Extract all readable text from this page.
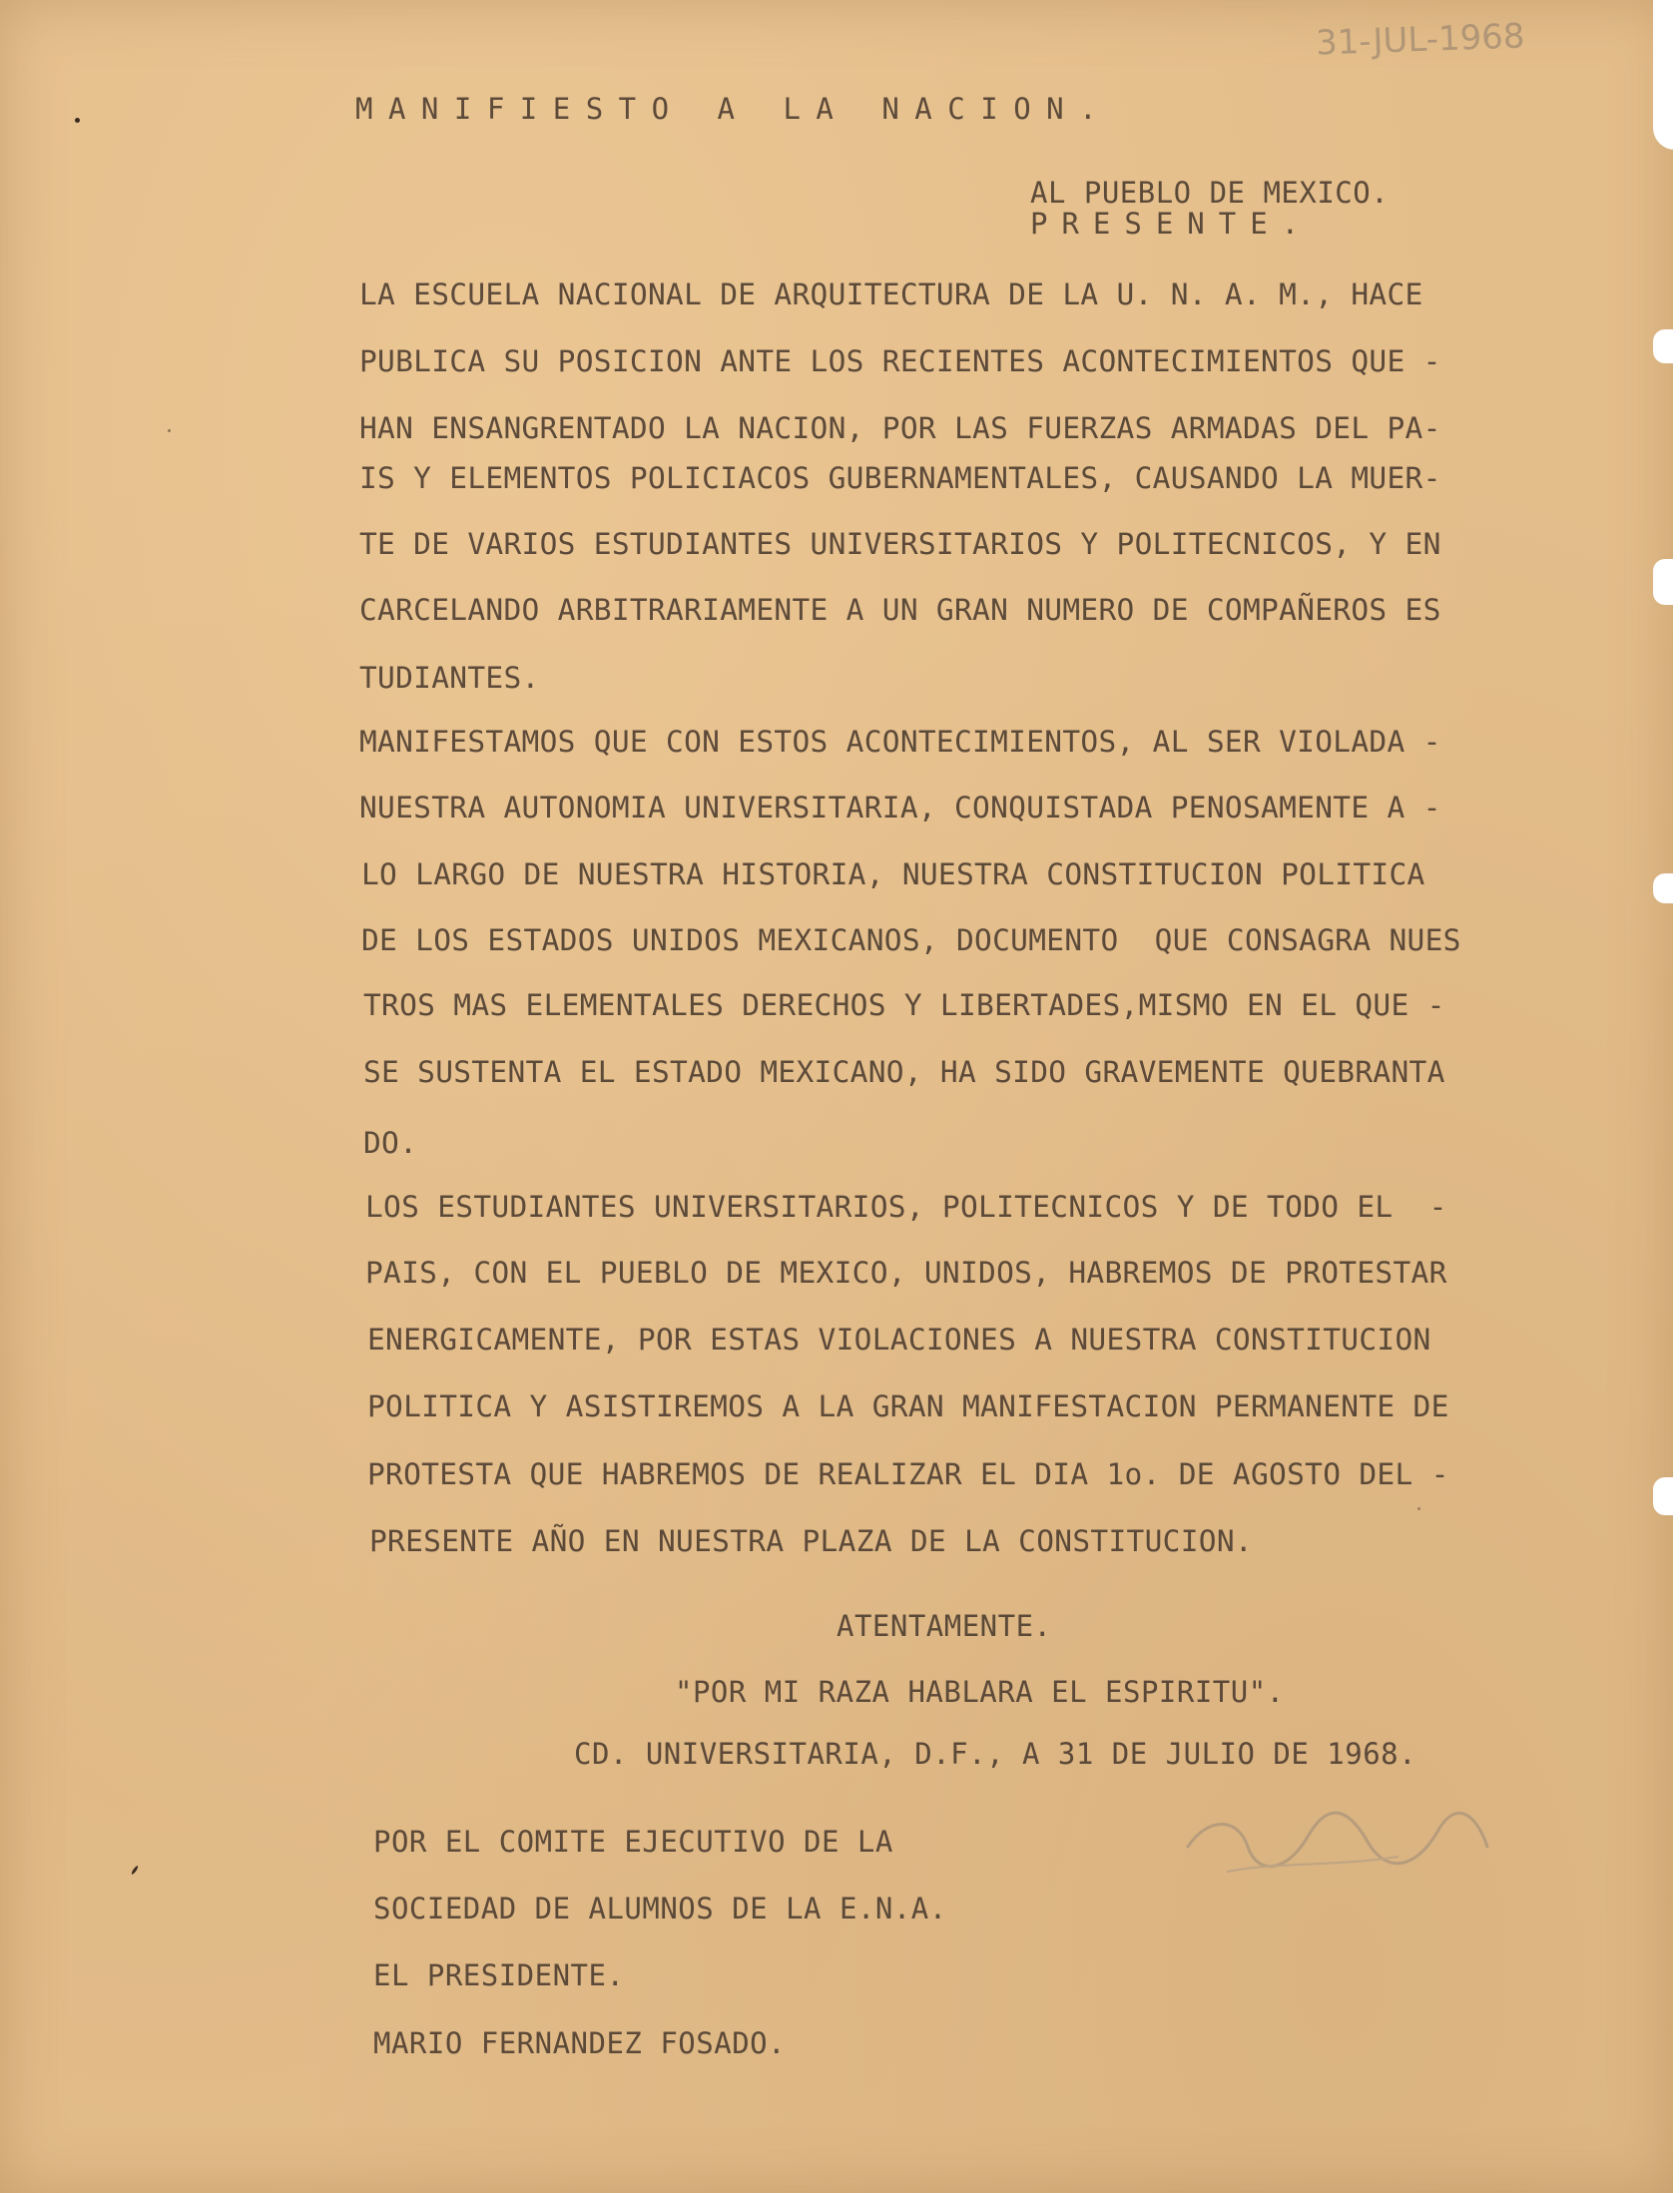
31-JUL-1968

MANIFIESTO A LA NACION.

AL PUEBLO DE MEXICO.

PRESENTE.

LA ESCUELA NACIONAL DE ARQUITECTURA DE LA U. N. A. M., HACE

PUBLICA SU POSICION ANTE LOS RECIENTES ACONTECIMIENTOS QUE -

HAN ENSANGRENTADO LA NACION, POR LAS FUERZAS ARMADAS DEL PA-

IS Y ELEMENTOS POLICIACOS GUBERNAMENTALES, CAUSANDO LA MUER-

TE DE VARIOS ESTUDIANTES UNIVERSITARIOS Y POLITECNICOS, Y EN

CARCELANDO ARBITRARIAMENTE A UN GRAN NUMERO DE COMPAÑEROS ES

TUDIANTES.

MANIFESTAMOS QUE CON ESTOS ACONTECIMIENTOS, AL SER VIOLADA -

NUESTRA AUTONOMIA UNIVERSITARIA, CONQUISTADA PENOSAMENTE A -

LO LARGO DE NUESTRA HISTORIA, NUESTRA CONSTITUCION POLITICA

DE LOS ESTADOS UNIDOS MEXICANOS, DOCUMENTO  QUE CONSAGRA NUES

TROS MAS ELEMENTALES DERECHOS Y LIBERTADES,MISMO EN EL QUE -

SE SUSTENTA EL ESTADO MEXICANO, HA SIDO GRAVEMENTE QUEBRANTA

DO.

LOS ESTUDIANTES UNIVERSITARIOS, POLITECNICOS Y DE TODO EL  -

PAIS, CON EL PUEBLO DE MEXICO, UNIDOS, HABREMOS DE PROTESTAR

ENERGICAMENTE, POR ESTAS VIOLACIONES A NUESTRA CONSTITUCION

POLITICA Y ASISTIREMOS A LA GRAN MANIFESTACION PERMANENTE DE

PROTESTA QUE HABREMOS DE REALIZAR EL DIA 1o. DE AGOSTO DEL -

PRESENTE AÑO EN NUESTRA PLAZA DE LA CONSTITUCION.

ATENTAMENTE.

"POR MI RAZA HABLARA EL ESPIRITU".

CD. UNIVERSITARIA, D.F., A 31 DE JULIO DE 1968.

POR EL COMITE EJECUTIVO DE LA

SOCIEDAD DE ALUMNOS DE LA E.N.A.

EL PRESIDENTE.

MARIO FERNANDEZ FOSADO.
